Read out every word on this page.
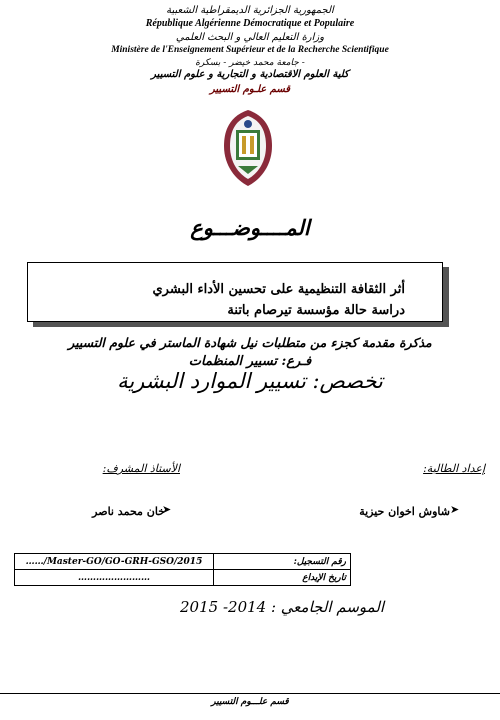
الجمهورية الجزائرية الديمقراطية الشعبية
République Algérienne Démocratique et Populaire
وزارة التعليم العالي و البحث العلمي
Ministère de l'Enseignement Supérieur et de la Recherche Scientifique
جامعة محمد خيضر - بسكرة -
كلية العلوم الاقتصادية و التجارية و علوم التسيير
قسم علـوم التسيير
المــــوضـــوع
أثر الثقافة التنظيمية على تحسين الأداء البشري
دراسة حالة مؤسسة تيرصام باتنة
مذكرة مقدمة كجزء من متطلبات نيل شهادة الماستر في علوم التسيير
فـرع: تسيير المنظمات
تخصص: تسيير الموارد البشرية
إعداد الطالبة:
الأستاذ المشرف:
➤
شاوش اخوان حيزية
➤
خان محمد ناصر
……/Master-GO/GO-GRH-GSO/2015	رقم التسجيل:
……………………	تاريخ الإيداع
الموسم الجامعي : 2014- 2015
قسم علـــوم التسيير
